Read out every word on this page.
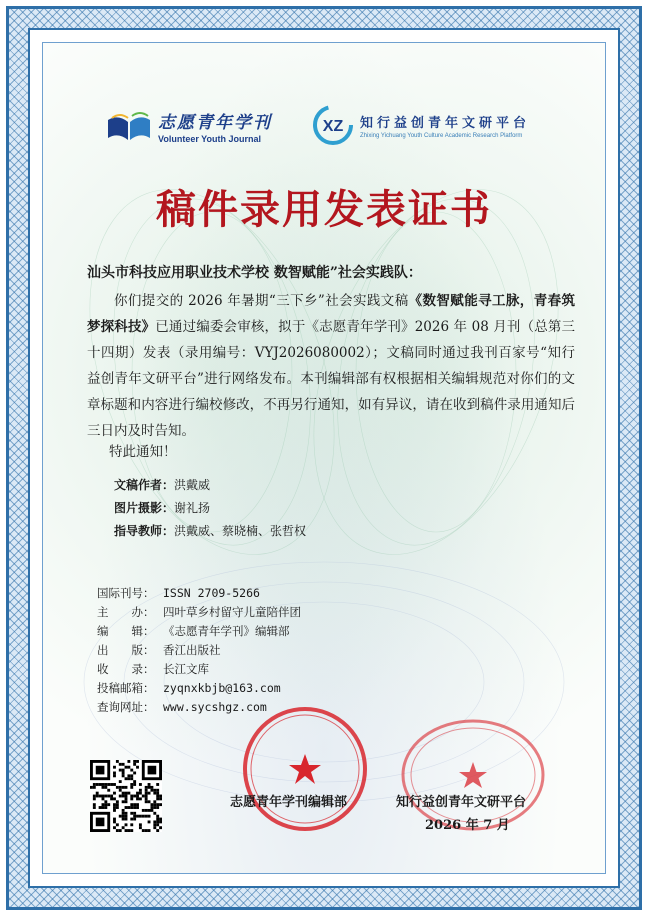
志愿青年学刊
Volunteer Youth Journal
XZ 知行益创青年文研平台
Zhixing Yichuang Youth Culture Academic Research Platform
稿件录用发表证书
汕头市科技应用职业技术学校 数智赋能”社会实践队：

你们提交的 2026 年暑期“三下乡”社会实践文稿《数智赋能寻工脉，青春筑梦探科技》已通过编委会审核，拟于《志愿青年学刊》2026 年 08 月刊（总第三十四期）发表（录用编号：VYJ2026080002）；文稿同时通过我刊百家号“知行益创青年文研平台”进行网络发布。本刊编辑部有权根据相关编辑规范对你们的文章标题和内容进行编校修改，不再另行通知，如有异议，请在收到稿件录用通知后三日内及时告知。

特此通知！
文稿作者：洪戴威
图片摄影：谢礼扬
指导教师：洪戴威、蔡晓楠、张哲权
国际刊号： ISSN 2709-5266
主　　办： 四叶草乡村留守儿童陪伴团
编　　辑： 《志愿青年学刊》编辑部
出　　版： 香江出版社
收　　录： 长江文库
投稿邮箱： zyqnxkbjb@163.com
查询网址： www.sycshgz.com
志愿青年学刊编辑部	知行益创青年文研平台
2026 年 7 月
